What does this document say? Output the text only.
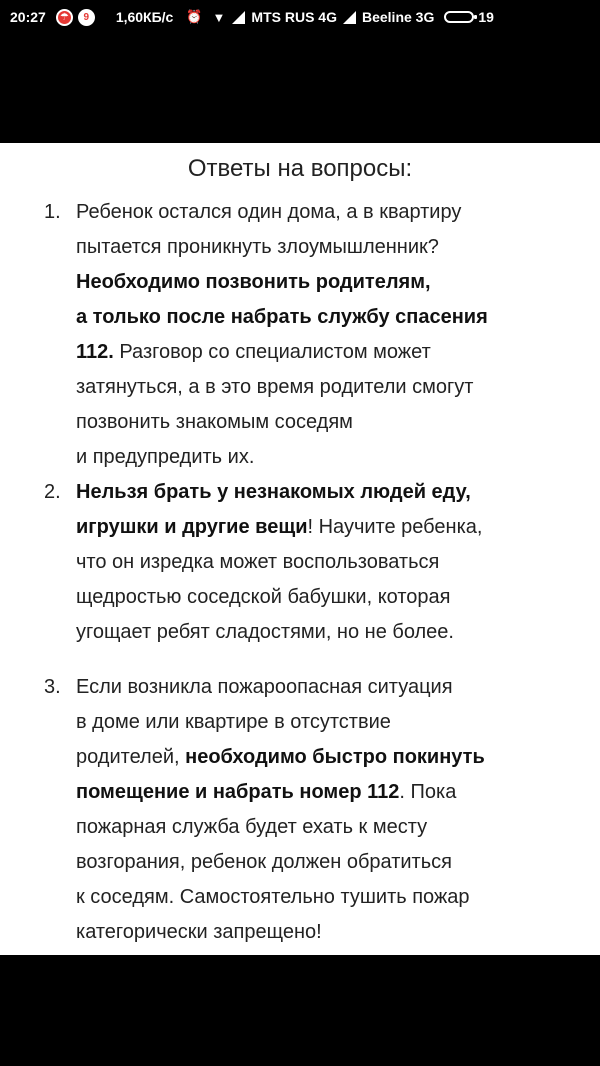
20:27	☂	9	1,60КБ/с ⏰ ▼ MTS RUS 4G Beeline 3G	19
Ответы на вопросы:
1. Ребенок остался один дома, а в квартиру
пытается проникнуть злоумышленник?
Необходимо позвонить родителям,
а только после набрать службу спасения
112. Разговор со специалистом может
затянуться, а в это время родители смогут
позвонить знакомым соседям
и предупредить их.
2. Нельзя брать у незнакомых людей еду,
игрушки и другие вещи! Научите ребенка,
что он изредка может воспользоваться
щедростью соседской бабушки, которая
угощает ребят сладостями, но не более.
3. Если возникла пожароопасная ситуация
в доме или квартире в отсутствие
родителей, необходимо быстро покинуть
помещение и набрать номер 112. Пока
пожарная служба будет ехать к месту
возгорания, ребенок должен обратиться
к соседям. Самостоятельно тушить пожар
категорически запрещено!
